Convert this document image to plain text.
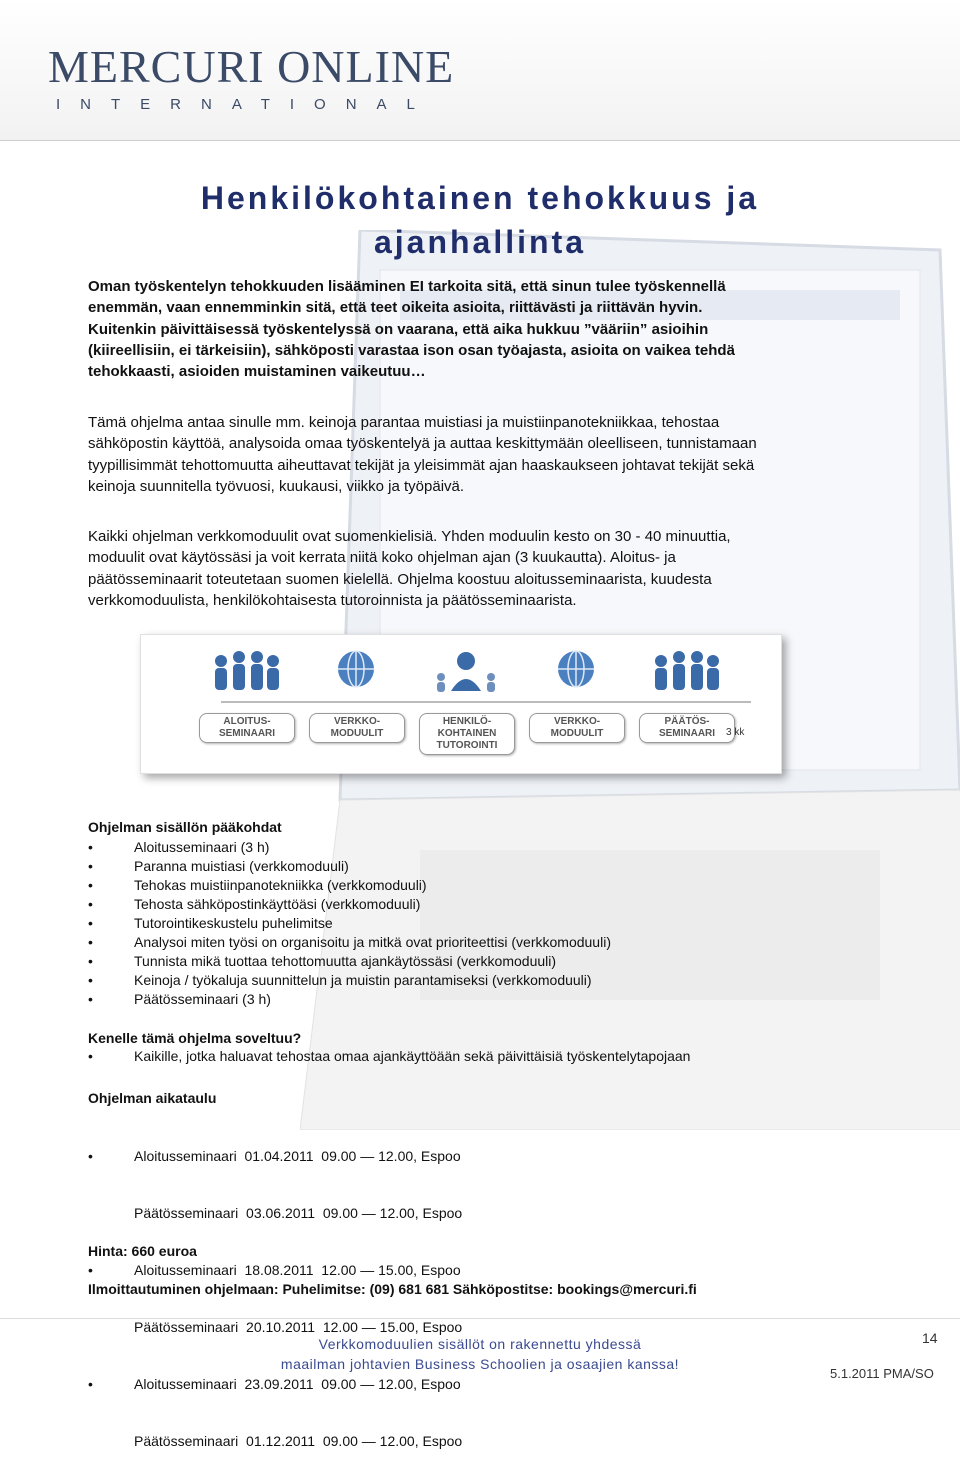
MERCURI ONLINE
INTERNATIONAL
Henkilökohtainen tehokkuus ja
ajanhallinta
Oman työskentelyn tehokkuuden lisääminen EI tarkoita sitä, että sinun tulee työskennellä
enemmän, vaan ennemminkin sitä, että teet oikeita asioita, riittävästi ja riittävän hyvin.
Kuitenkin päivittäisessä työskentelyssä on vaarana, että aika hukkuu ”vääriin” asioihin
(kiireellisiin, ei tärkeisiin), sähköposti varastaa ison osan työajasta, asioita on vaikea tehdä
tehokkaasti, asioiden muistaminen vaikeutuu…
Tämä ohjelma antaa sinulle mm. keinoja parantaa muistiasi ja muistiinpanotekniikkaa, tehostaa
sähköpostin käyttöä, analysoida omaa työskentelyä ja auttaa keskittymään oleelliseen, tunnistamaan
tyypillisimmät tehottomuutta aiheuttavat tekijät ja yleisimmät ajan haaskaukseen johtavat tekijät sekä
keinoja suunnitella työvuosi, kuukausi, viikko ja työpäivä.
Kaikki ohjelman verkkomoduulit ovat suomenkielisiä. Yhden moduulin kesto on 30 - 40 minuuttia,
moduulit ovat käytössäsi ja voit kerrata niitä koko ohjelman ajan (3 kuukautta). Aloitus- ja
päätösseminaarit toteutetaan suomen kielellä. Ohjelma koostuu aloitusseminaarista, kuudesta
verkkomoduulista, henkilökohtaisesta tutoroinnista ja päätösseminaarista.
ALOITUS-
SEMINAARI
VERKKO-
MODUULIT
HENKILÖ-
KOHTAINEN
TUTOROINTI
VERKKO-
MODUULIT
PÄÄTÖS-
SEMINAARI	3 kk
Ohjelman sisällön pääkohdat
•	Aloitusseminaari (3 h)
•	Paranna muistiasi (verkkomoduuli)
•	Tehokas muistiinpanotekniikka (verkkomoduuli)
•	Tehosta sähköpostinkäyttöäsi (verkkomoduuli)
•	Tutorointikeskustelu puhelimitse
•	Analysoi miten työsi on organisoitu ja mitkä ovat prioriteettisi (verkkomoduuli)
•	Tunnista mikä tuottaa tehottomuutta ajankäytössäsi (verkkomoduuli)
•	Keinoja / työkaluja suunnittelun ja muistin parantamiseksi (verkkomoduuli)
•	Päätösseminaari (3 h)
Kenelle tämä ohjelma soveltuu?
•	Kaikille, jotka haluavat tehostaa omaa ajankäyttöään sekä päivittäisiä työskentelytapojaan
Ohjelman aikataulu

•	Aloitusseminaari  01.04.2011  09.00 — 12.00, Espoo

Päätösseminaari  03.06.2011  09.00 — 12.00, Espoo

•	Aloitusseminaari  18.08.2011  12.00 — 15.00, Espoo

Päätösseminaari  20.10.2011  12.00 — 15.00, Espoo

•	Aloitusseminaari  23.09.2011  09.00 — 12.00, Espoo

Päätösseminaari  01.12.2011  09.00 — 12.00, Espoo

Hinta: 660 euroa
Ilmoittautuminen ohjelmaan: Puhelimitse: (09) 681 681 Sähköpostitse: bookings@mercuri.fi
Verkkomoduulien sisällöt on rakennettu yhdessä
maailman johtavien Business Schoolien ja osaajien kanssa!
14
5.1.2011 PMA/SO
